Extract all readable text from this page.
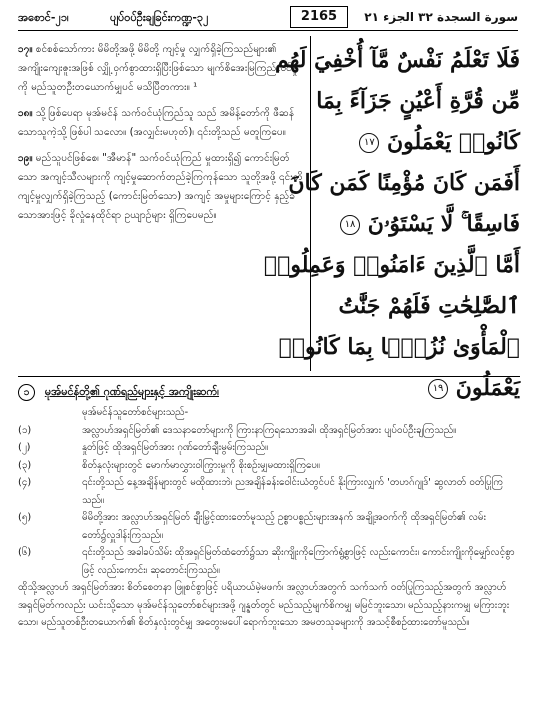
အစောင်-၂၁၊	ပျပ်ဝပ်ဦးချခြင်းကဏ္ဍ-၃၂	2165	سورة السجدة ٣٢ الجزء ٢١
၁၇။ စင်စစ်သော်ကား မိမိတို့အဖို့ မိမိတို့ ကျင့်မှု လျှက်ရှိခဲ့ကြသည်များ၏ အကျိုးကျေးဇူးအဖြစ် လျှို့ ဝှက်စွာထားရှိပြီးဖြစ်သော မျက်စိအေးမြကြည်လင်မှု ကို မည်သူတဦးတယောက်မျှပင် မသိပြီတကား။ ¹
၁၈။ သို့ဖြစ်ပေရာ မုအ်မင်န် သက်ဝင်ယုံကြည်သူ သည် အမိန့်တော်ကို ဖီဆန်သောသူကဲ့သို့ ဖြစ်ပါ သလော။ (အလျှင်းမဟုတ်)၊ ၎င်းတို့သည် မတူကြပေ။
၁၉။ မည်သူပင်ဖြစ်စေ၊ "အီမာန်" သက်ဝင်ယုံကြည် မှုထားရှိ၍ ကောင်းမြတ်သော အကျင့်သီလများကို ကျင့်မှုဆောက်တည်ခဲ့ကြကုန်သော သူတို့အဖို့ ၎င်းတို့ ကျင့်မှုလျှက်ရှိခဲ့ကြသည့် (ကောင်းမြတ်သော) အကျင့် အမှုများကြောင့် နှည့်ခံသောအားဖြင့် ခိုလှုံနေထိုင်ရာ ဥယျာဉ်များ ရှိကြပေမည်။
فَلَا تَعْلَمُ نَفْسٌ مَّآ أُخْفِيَ لَهُم
مِّن قُرَّةِ أَعْيُنٍ جَزَآءً بِمَا
كَانُوا۟ يَعْمَلُونَ ١٧
أَفَمَن كَانَ مُؤْمِنًا كَمَن كَانَ
فَاسِقًا ۚ لَّا يَسْتَوُۥنَ ١٨
أَمَّا ٱلَّذِينَ ءَامَنُوا۟ وَعَمِلُوا۟
ٱلصَّٰلِحَٰتِ فَلَهُمْ جَنَّٰتُ
ٱلْمَأْوَىٰ نُزُلًۢا بِمَا كَانُوا۟
يَعْمَلُونَ ١٩
၁ မုအ်မင်န်တို့၏ ဂုဏ်ရည်များနှင့် အကျိုးဆက်၊
မုအ်မင်န်သူတော်စင်များသည်-
(၁)	အလ္လာဟ်အရှင်မြတ်၏ ဒေသနာတော်များကို ကြားနာကြရသောအခါ၊ ထိုအရှင်မြတ်အား ပျပ်ဝပ်ဦးချကြသည်။
(၂)	နှုတ်ဖြင့် ထိုအရှင်မြတ်အား ဂုဏ်တော်ချီးမွမ်းကြသည်။
(၃)	စိတ်နှလုံးများတွင် မောက်မာလွှားဝါကြွားမှုကို စိုးစဉ်းမျှမထားရှိကြပေ။
(၄)	၎င်းတို့သည် နေ့အချိန်များတွင် မထိုထားဘဲ၊ ညအချိန်ခန်းဝေါင်းယံတွင်ပင် နိုးကြားလျှက် 'တဟဂ်ဂျုဒ်' ဆွလာတ် ဝတ်ပြုကြသည်။
(၅)	မိမိတို့အား အလ္လာဟ်အရှင်မြတ် ချီးမြှင့်ထားတော်မူသည့် ဥစ္စာပစ္စည်းများအနက် အချို့အဝက်ကို ထိုအရှင်မြတ်၏ လမ်းတော်၌လှူဒါန်းကြသည်။
(၆)	၎င်းတို့သည် အခါခပ်သိမ်း ထိုအရှင်မြတ်ထံတော်၌သာ ဆိုးကျိုးကိုကြောက်ရွံ့စွာဖြင့် လည်းကောင်း၊ ကောင်းကျိုးကိုမျှော်လင့်စွာဖြင့် လည်းကောင်း၊ ဆုတောင်းကြသည်။
ထိုသို့အလ္လာဟ် အရှင်မြတ်အား စိတ်စေတနာ ဖြူစင်စွာဖြင့် ပရိယာယ်မဲ့မဖက်၊ အလ္လာဟ်အတွက် သက်သက် ဝတ်ပြုကြသည့်အတွက် အလ္လာဟ်အရှင်မြတ်ကလည်း ယင်းသို့သော မုအ်မင်န်သူတော်စင်များအဖို့ ဂျန္နတ်တွင် မည်သည့်မျက်စိကမျှ မမြင်ဘူးသော၊ မည်သည့်နားကမျှ မကြားဘူးသော၊ မည်သူတစ်ဦးတယောက်၏ စိတ်နှလုံးတွင်မျှ အတွေးမပေါ်ရောက်ဘူးသော အမတသုခများကို အသင့်စီစဉ်ထားတော်မူသည်။
